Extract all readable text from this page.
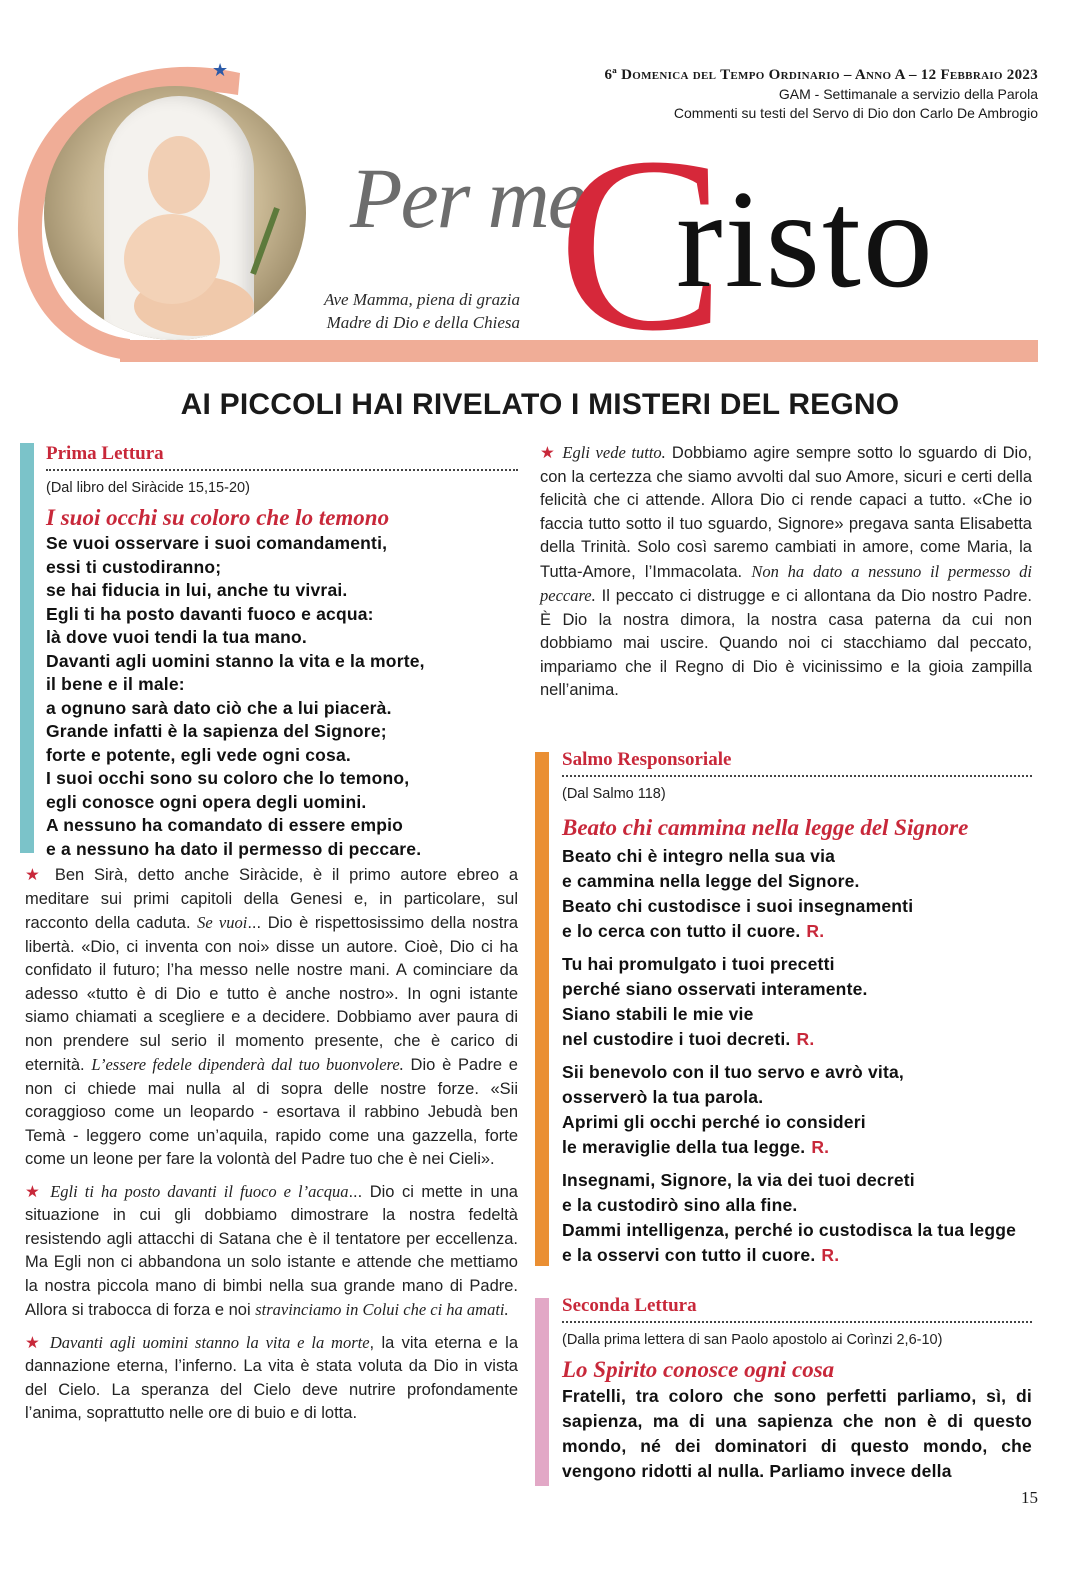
6ª Domenica del Tempo Ordinario – Anno A – 12 Febbraio 2023
GAM - Settimanale a servizio della Parola
Commenti su testi del Servo di Dio don Carlo De Ambrogio
★
Ave Mamma, piena di grazia
Madre di Dio e della Chiesa
Per me
C
risto
AI PICCOLI HAI RIVELATO I MISTERI DEL REGNO
Prima Lettura
(Dal libro del Siràcide 15,15-20)
I suoi occhi su coloro che lo temono
Se vuoi osservare i suoi comandamenti,
essi ti custodiranno;
se hai fiducia in lui, anche tu vivrai.
Egli ti ha posto davanti fuoco e acqua:
là dove vuoi tendi la tua mano.
Davanti agli uomini stanno la vita e la morte,
il bene e il male:
a ognuno sarà dato ciò che a lui piacerà.
Grande infatti è la sapienza del Signore;
forte e potente, egli vede ogni cosa.
I suoi occhi sono su coloro che lo temono,
egli conosce ogni opera degli uomini.
A nessuno ha comandato di essere empio
e a nessuno ha dato il permesso di peccare.

★ Ben Sirà, detto anche Siràcide, è il primo autore ebreo a meditare sui primi capitoli della Genesi e, in particolare, sul racconto della caduta. Se vuoi... Dio è rispettosissimo della nostra libertà. «Dio, ci inventa con noi» disse un autore. Cioè, Dio ci ha confidato il futuro; l’ha messo nelle nostre mani. A cominciare da adesso «tutto è di Dio e tutto è anche nostro». In ogni istante siamo chiamati a scegliere e a decidere. Dobbiamo aver paura di non prendere sul serio il momento presente, che è carico di eternità. L’essere fedele dipenderà dal tuo buonvolere. Dio è Padre e non ci chiede mai nulla al di sopra delle nostre forze. «Sii coraggioso come un leopardo - esortava il rabbino Jebudà ben Temà - leggero come un’aquila, rapido come una gazzella, forte come un leone per fare la volontà del Padre tuo che è nei Cieli».

★ Egli ti ha posto davanti il fuoco e l’acqua... Dio ci mette in una situazione in cui gli dobbiamo dimostrare la nostra fedeltà resistendo agli attacchi di Satana che è il tentatore per eccellenza. Ma Egli non ci abbandona un solo istante e attende che mettiamo la nostra piccola mano di bimbi nella sua grande mano di Padre. Allora si trabocca di forza e noi stravinciamo in Colui che ci ha amati.

★ Davanti agli uomini stanno la vita e la morte, la vita eterna e la dannazione eterna, l’inferno. La vita è stata voluta da Dio in vista del Cielo. La speranza del Cielo deve nutrire profondamente l’anima, soprattutto nelle ore di buio e di lotta.

★ Egli vede tutto. Dobbiamo agire sempre sotto lo sguardo di Dio, con la certezza che siamo avvolti dal suo Amore, sicuri e certi della felicità che ci attende. Allora Dio ci rende capaci a tutto. «Che io faccia tutto sotto il tuo sguardo, Signore» pregava santa Elisabetta della Trinità. Solo così saremo cambiati in amore, come Maria, la Tutta-Amore, l’Immacolata. Non ha dato a nessuno il permesso di peccare. Il peccato ci distrugge e ci allontana da Dio nostro Padre. È Dio la nostra dimora, la nostra casa paterna da cui non dobbiamo mai uscire. Quando noi ci stacchiamo dal peccato, impariamo che il Regno di Dio è vicinissimo e la gioia zampilla nell’anima.

Salmo Responsoriale
(Dal Salmo 118)
Beato chi cammina nella legge del Signore
Beato chi è integro nella sua via
e cammina nella legge del Signore.
Beato chi custodisce i suoi insegnamenti
e lo cerca con tutto il cuore. R.
Tu hai promulgato i tuoi precetti
perché siano osservati interamente.
Siano stabili le mie vie
nel custodire i tuoi decreti. R.
Sii benevolo con il tuo servo e avrò vita,
osserverò la tua parola.
Aprimi gli occhi perché io consideri
le meraviglie della tua legge. R.
Insegnami, Signore, la via dei tuoi decreti
e la custodirò sino alla fine.
Dammi intelligenza, perché io custodisca la tua legge
e la osservi con tutto il cuore. R.
Seconda Lettura
(Dalla prima lettera di san Paolo apostolo ai Corìnzi 2,6-10)
Lo Spirito conosce ogni cosa
Fratelli, tra coloro che sono perfetti parliamo, sì, di sapienza, ma di una sapienza che non è di questo mondo, né dei dominatori di questo mondo, che vengono ridotti al nulla. Parliamo invece della
15
